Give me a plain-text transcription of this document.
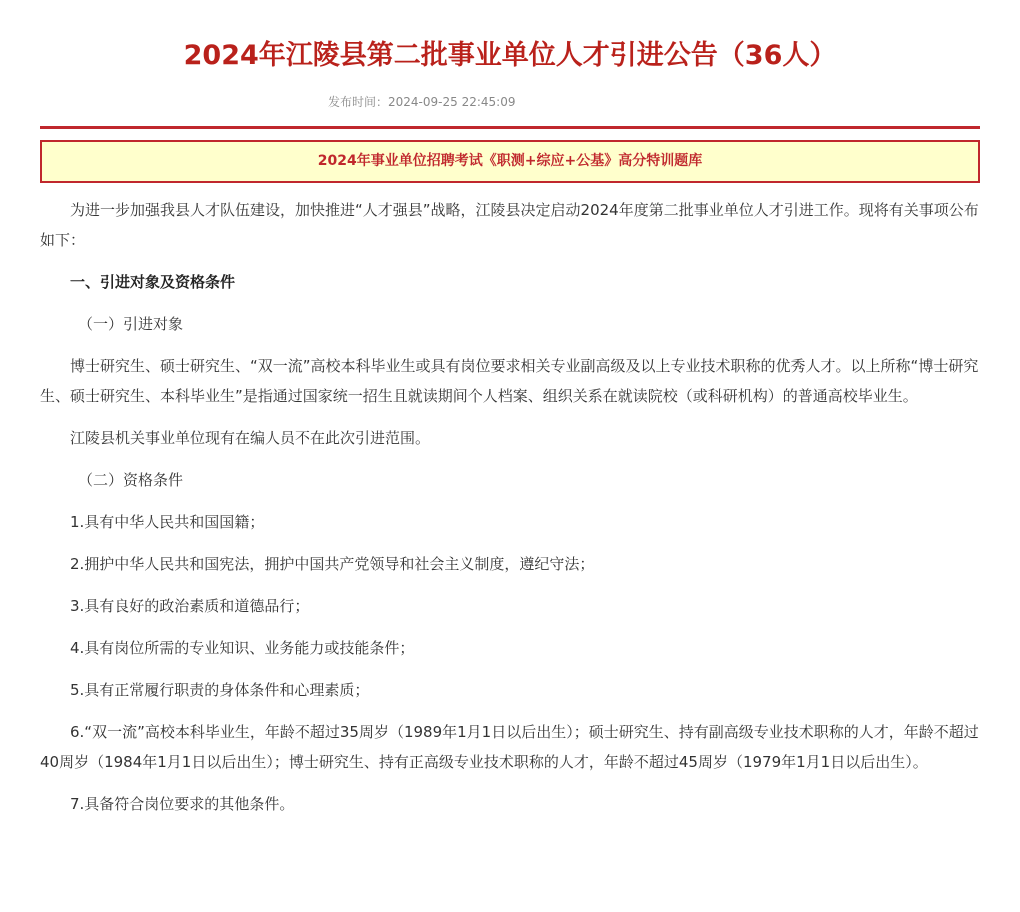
2024年江陵县第二批事业单位人才引进公告（36人）
发布时间：2024-09-25 22:45:09
2024年事业单位招聘考试《职测+综应+公基》高分特训题库

为进一步加强我县人才队伍建设，加快推进“人才强县”战略，江陵县决定启动2024年度第二批事业单位人才引进工作。现将有关事项公布如下：

一、引进对象及资格条件

（一）引进对象

博士研究生、硕士研究生、“双一流”高校本科毕业生或具有岗位要求相关专业副高级及以上专业技术职称的优秀人才。以上所称“博士研究生、硕士研究生、本科毕业生”是指通过国家统一招生且就读期间个人档案、组织关系在就读院校（或科研机构）的普通高校毕业生。

江陵县机关事业单位现有在编人员不在此次引进范围。

（二）资格条件

1.具有中华人民共和国国籍；

2.拥护中华人民共和国宪法，拥护中国共产党领导和社会主义制度，遵纪守法；

3.具有良好的政治素质和道德品行；

4.具有岗位所需的专业知识、业务能力或技能条件；

5.具有正常履行职责的身体条件和心理素质；

6.“双一流”高校本科毕业生，年龄不超过35周岁（1989年1月1日以后出生）；硕士研究生、持有副高级专业技术职称的人才，年龄不超过40周岁（1984年1月1日以后出生）；博士研究生、持有正高级专业技术职称的人才，年龄不超过45周岁（1979年1月1日以后出生）。

7.具备符合岗位要求的其他条件。
